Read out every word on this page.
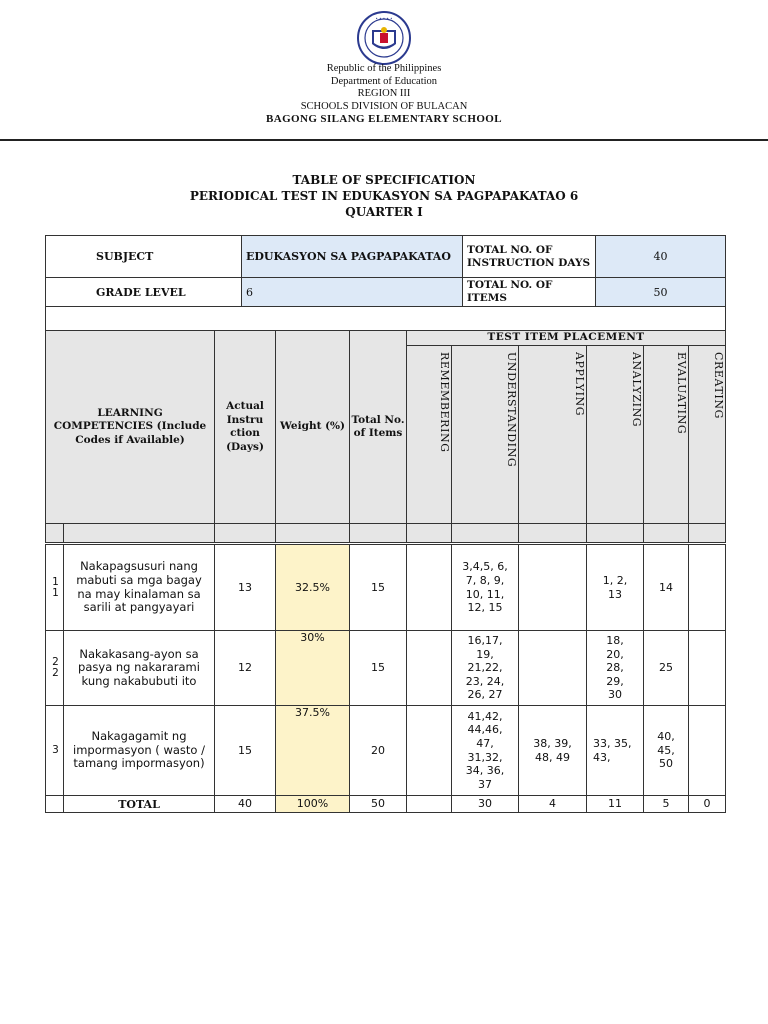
• • • • •
Republic of the Philippines
Department of Education
REGION III
SCHOOLS DIVISION OF BULACAN
BAGONG SILANG ELEMENTARY SCHOOL
TABLE OF SPECIFICATION
PERIODICAL TEST IN EDUKASYON SA PAGPAPAKATAO 6
QUARTER I
SUBJECT	EDUKASYON SA PAGPAPAKATAO	TOTAL NO. OF INSTRUCTION DAYS	40
GRADE LEVEL	6	TOTAL NO. OF ITEMS	50

LEARNING COMPETENCIES (Include Codes if Available)		Actual Instru ction (Days)	Weight (%)	Total No. of Items	TEST ITEM PLACEMENT					
					REMEMBERING	UNDERSTANDING	APPLYING	ANALYZING	EVALUATING	CREATING

1
1	Nakapagsusuri nang mabuti sa mga bagay na may kinalaman sa sarili at pangyayari	13	32.5%	15		3,4,5, 6, 7, 8, 9, 10, 11, 12, 15		1, 2, 13	14	
2
2	Nakakasang-ayon sa pasya ng nakararami kung nakabubuti ito	12	30%	15		16,17, 19, 21,22, 23, 24, 26, 27		18, 20, 28, 29, 30	25	
3	Nakagagamit ng impormasyon ( wasto / tamang impormasyon)	15	37.5%	20		41,42, 44,46, 47, 31,32, 34, 36, 37	38, 39, 48, 49	33, 35, 43,	40, 45, 50	
	TOTAL	40	100%	50		30	4	11	5	0
